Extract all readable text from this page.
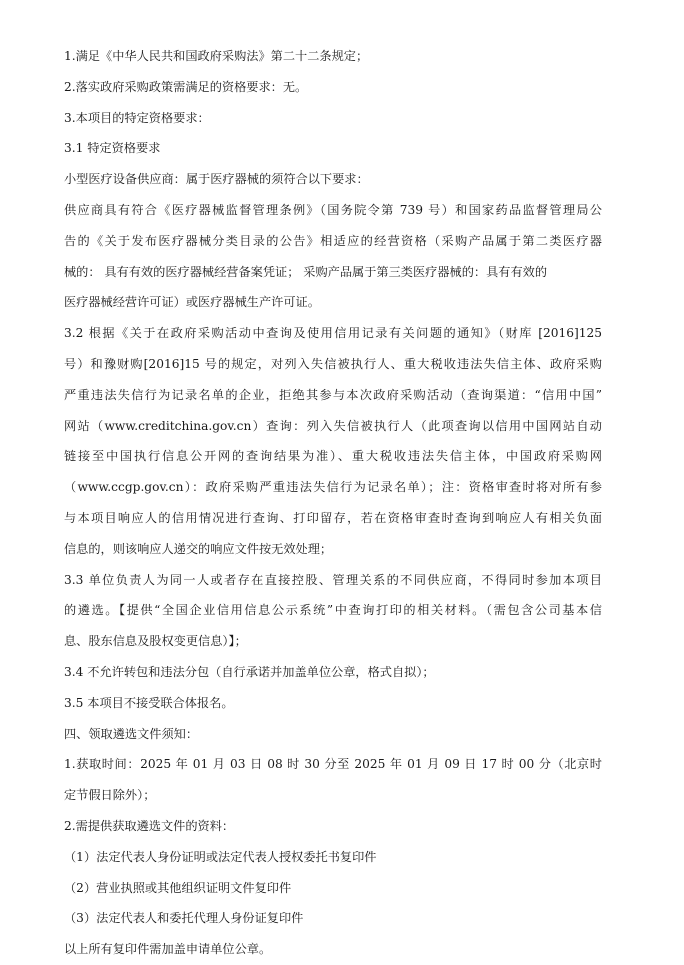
1.满足《中华人民共和国政府采购法》第二十二条规定；
2.落实政府采购政策需满足的资格要求：无。
3.本项目的特定资格要求：
3.1 特定资格要求
小型医疗设备供应商：属于医疗器械的须符合以下要求：
供应商具有符合《医疗器械监督管理条例》（国务院令第 739 号）和国家药品监督管理局公
告的《关于发布医疗器械分类目录的公告》相适应的经营资格（采购产品属于第二类医疗器
械的： 具有有效的医疗器械经营备案凭证； 采购产品属于第三类医疗器械的：具有有效的
医疗器械经营许可证）或医疗器械生产许可证。
3.2 根据《关于在政府采购活动中查询及使用信用记录有关问题的通知》（财库 [2016]125
号）和豫财购[2016]15 号的规定，对列入失信被执行人、重大税收违法失信主体、政府采购
严重违法失信行为记录名单的企业，拒绝其参与本次政府采购活动（查询渠道：“信用中国”
网站（www.creditchina.gov.cn）查询：列入失信被执行人（此项查询以信用中国网站自动
链接至中国执行信息公开网的查询结果为准）、重大税收违法失信主体，中国政府采购网
（www.ccgp.gov.cn）：政府采购严重违法失信行为记录名单）；注：资格审查时将对所有参
与本项目响应人的信用情况进行查询、打印留存，若在资格审查时查询到响应人有相关负面
信息的，则该响应人递交的响应文件按无效处理；
3.3 单位负责人为同一人或者存在直接控股、管理关系的不同供应商，不得同时参加本项目
的遴选。【提供“全国企业信用信息公示系统”中查询打印的相关材料。（需包含公司基本信
息、股东信息及股权变更信息）】；
3.4 不允许转包和违法分包（自行承诺并加盖单位公章，格式自拟）；
3.5 本项目不接受联合体报名。
四、领取遴选文件须知：
1.获取时间：2025 年 01 月 03 日 08 时 30 分至 2025 年 01 月 09 日 17 时 00 分（北京时
定节假日除外）；
2.需提供获取遴选文件的资料：
（1）法定代表人身份证明或法定代表人授权委托书复印件
（2）营业执照或其他组织证明文件复印件
（3）法定代表人和委托代理人身份证复印件
以上所有复印件需加盖申请单位公章。
